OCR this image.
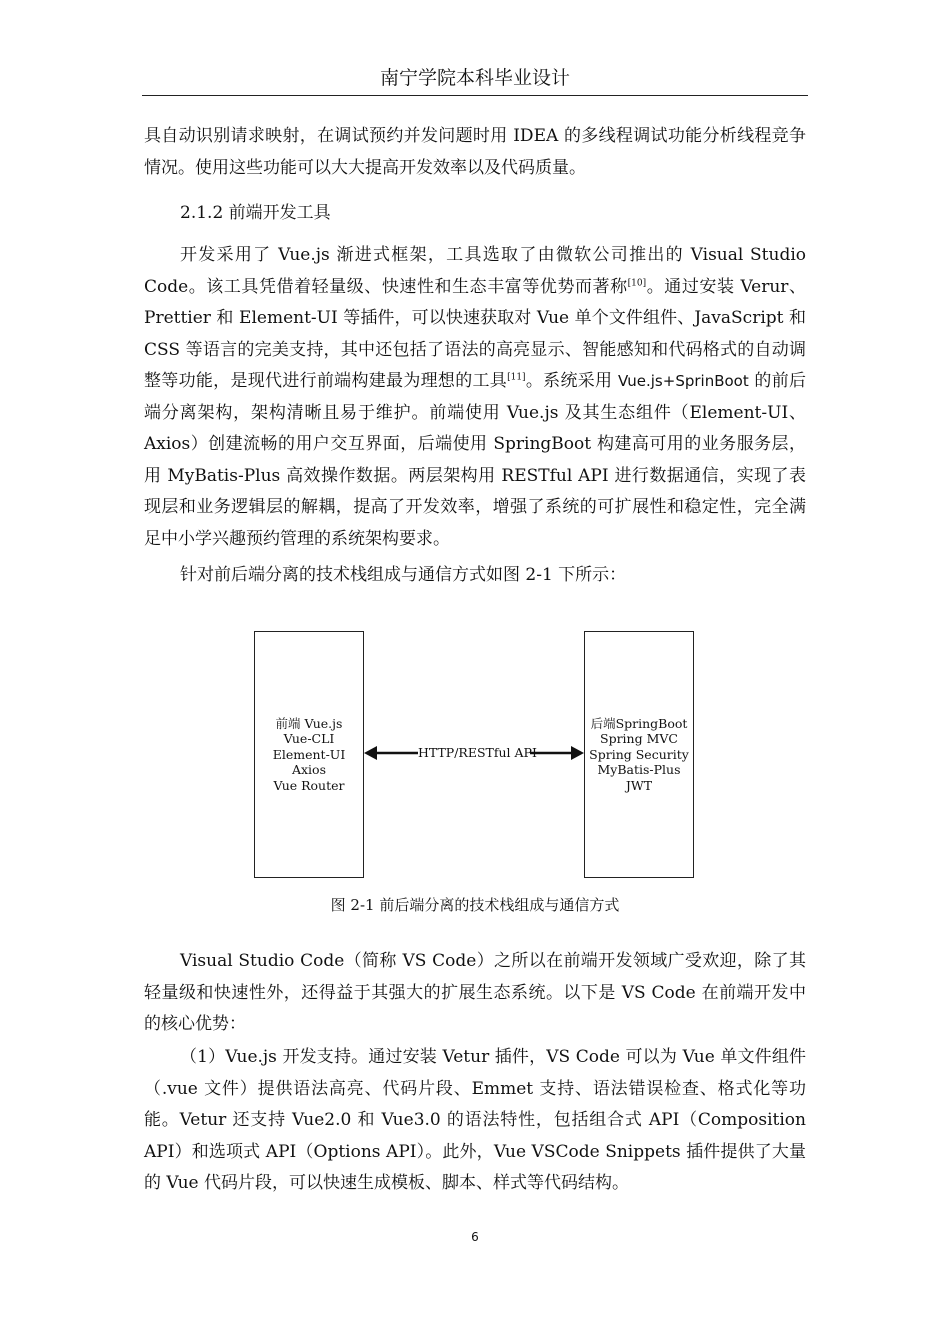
南宁学院本科毕业设计

具自动识别请求映射，在调试预约并发问题时用 IDEA 的多线程调试功能分析线程竞争情况。使用这些功能可以大大提高开发效率以及代码质量。

2.1.2 前端开发工具

开发采用了 Vue.js 渐进式框架，工具选取了由微软公司推出的 Visual Studio Code。该工具凭借着轻量级、快速性和生态丰富等优势而著称[10]。通过安装 Verur、Prettier 和 Element-UI 等插件，可以快速获取对 Vue 单个文件组件、JavaScript 和 CSS 等语言的完美支持，其中还包括了语法的高亮显示、智能感知和代码格式的自动调整等功能，是现代进行前端构建最为理想的工具[11]。系统采用 Vue.js+SprinBoot 的前后端分离架构，架构清晰且易于维护。前端使用 Vue.js 及其生态组件（Element-UI、Axios）创建流畅的用户交互界面，后端使用 SpringBoot 构建高可用的业务服务层，用 MyBatis-Plus 高效操作数据。两层架构用 RESTful API 进行数据通信，实现了表现层和业务逻辑层的解耦，提高了开发效率，增强了系统的可扩展性和稳定性，完全满足中小学兴趣预约管理的系统架构要求。

针对前后端分离的技术栈组成与通信方式如图 2-1 下所示：

前端 Vue.js
Vue-CLI
Element-UI
Axios
Vue Router
HTTP/RESTful API
后端SpringBoot
Spring MVC
Spring Security
MyBatis-Plus
JWT
图 2-1 前后端分离的技术栈组成与通信方式

Visual Studio Code（简称 VS Code）之所以在前端开发领域广受欢迎，除了其轻量级和快速性外，还得益于其强大的扩展生态系统。以下是 VS Code 在前端开发中的核心优势：

（1）Vue.js 开发支持。通过安装 Vetur 插件，VS Code 可以为 Vue 单文件组件（.vue 文件）提供语法高亮、代码片段、Emmet 支持、语法错误检查、格式化等功能。Vetur 还支持 Vue2.0 和 Vue3.0 的语法特性，包括组合式 API（Composition API）和选项式 API（Options API）。此外，Vue VSCode Snippets 插件提供了大量的 Vue 代码片段，可以快速生成模板、脚本、样式等代码结构。

6
